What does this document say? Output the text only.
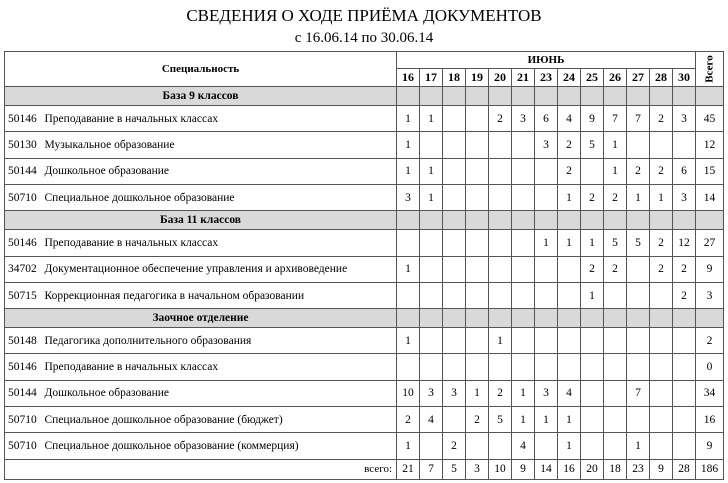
СВЕДЕНИЯ О ХОДЕ ПРИЁМА ДОКУМЕНТОВ
с 16.06.14 по 30.06.14
Специальность		ИЮНЬ													Всего
		16	17	18	19	20	21	23	24	25	26	27	28	30	
База 9 классов															
50146	Преподавание в начальных классах	1	1			2	3	6	4	9	7	7	2	3	45
50130	Музыкальное образование	1						3	2	5	1				12
50144	Дошкольное образование	1	1						2		1	2	2	6	15
50710	Специальное дошкольное образование	3	1						1	2	2	1	1	3	14
База 11 классов															
50146	Преподавание в начальных классах							1	1	1	5	5	2	12	27
34702	Документационное обеспечение управления и архивоведение	1								2	2		2	2	9
50715	Коррекционная педагогика в начальном образовании									1				2	3
Заочное отделение															
50148	Педагогика дополнительного образования	1				1									2
50146	Преподавание в начальных классах														0
50144	Дошкольное образование	10	3	3	1	2	1	3	4			7			34
50710	Специальное дошкольное образование (бюджет)	2	4		2	5	1	1	1						16
50710	Специальное дошкольное образование (коммерция)	1		2			4		1			1			9
всего:		21	7	5	3	10	9	14	16	20	18	23	9	28	186
